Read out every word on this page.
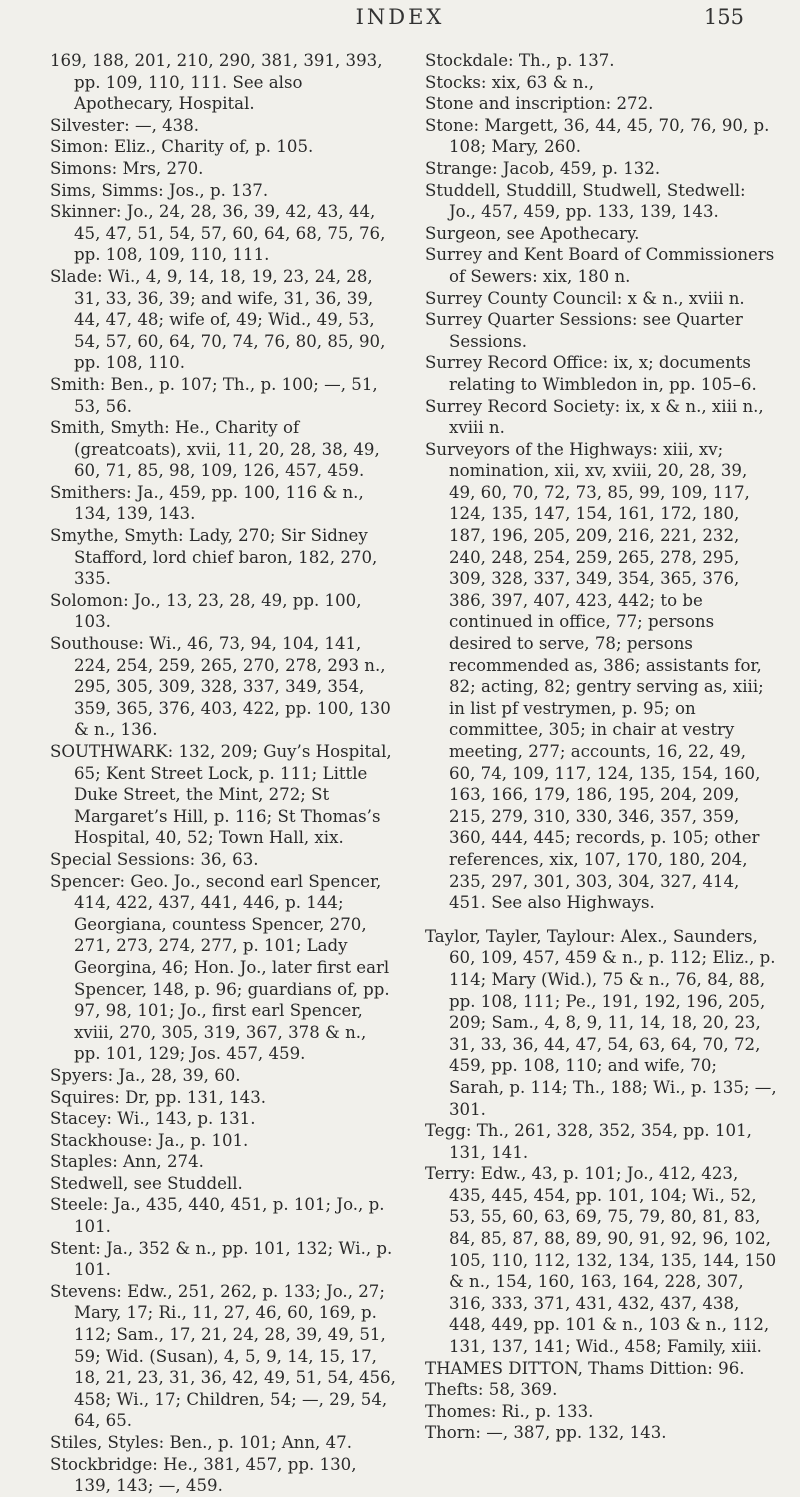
INDEX	155

169, 188, 201, 210, 290, 381, 391, 393, pp. 109, 110, 111. See also Apothecary, Hospital.

Silvester: —, 438.

Simon: Eliz., Charity of, p. 105.

Simons: Mrs, 270.

Sims, Simms: Jos., p. 137.

Skinner: Jo., 24, 28, 36, 39, 42, 43, 44, 45, 47, 51, 54, 57, 60, 64, 68, 75, 76, pp. 108, 109, 110, 111.

Slade: Wi., 4, 9, 14, 18, 19, 23, 24, 28, 31, 33, 36, 39; and wife, 31, 36, 39, 44, 47, 48; wife of, 49; Wid., 49, 53, 54, 57, 60, 64, 70, 74, 76, 80, 85, 90, pp. 108, 110.

Smith: Ben., p. 107; Th., p. 100; —, 51, 53, 56.

Smith, Smyth: He., Charity of (greatcoats), xvii, 11, 20, 28, 38, 49, 60, 71, 85, 98, 109, 126, 457, 459.

Smithers: Ja., 459, pp. 100, 116 & n., 134, 139, 143.

Smythe, Smyth: Lady, 270; Sir Sidney Stafford, lord chief baron, 182, 270, 335.

Solomon: Jo., 13, 23, 28, 49, pp. 100, 103.

Southouse: Wi., 46, 73, 94, 104, 141, 224, 254, 259, 265, 270, 278, 293 n., 295, 305, 309, 328, 337, 349, 354, 359, 365, 376, 403, 422, pp. 100, 130 & n., 136.

SOUTHWARK: 132, 209; Guy’s Hospital, 65; Kent Street Lock, p. 111; Little Duke Street, the Mint, 272; St Margaret’s Hill, p. 116; St Thomas’s Hospital, 40, 52; Town Hall, xix.

Special Sessions: 36, 63.

Spencer: Geo. Jo., second earl Spencer, 414, 422, 437, 441, 446, p. 144; Georgiana, countess Spencer, 270, 271, 273, 274, 277, p. 101; Lady Georgina, 46; Hon. Jo., later first earl Spencer, 148, p. 96; guardians of, pp. 97, 98, 101; Jo., first earl Spencer, xviii, 270, 305, 319, 367, 378 & n., pp. 101, 129; Jos. 457, 459.

Spyers: Ja., 28, 39, 60.

Squires: Dr, pp. 131, 143.

Stacey: Wi., 143, p. 131.

Stackhouse: Ja., p. 101.

Staples: Ann, 274.

Stedwell, see Studdell.

Steele: Ja., 435, 440, 451, p. 101; Jo., p. 101.

Stent: Ja., 352 & n., pp. 101, 132; Wi., p. 101.

Stevens: Edw., 251, 262, p. 133; Jo., 27; Mary, 17; Ri., 11, 27, 46, 60, 169, p. 112; Sam., 17, 21, 24, 28, 39, 49, 51, 59; Wid. (Susan), 4, 5, 9, 14, 15, 17, 18, 21, 23, 31, 36, 42, 49, 51, 54, 456, 458; Wi., 17; Children, 54; —, 29, 54, 64, 65.

Stiles, Styles: Ben., p. 101; Ann, 47.

Stockbridge: He., 381, 457, pp. 130, 139, 143; —, 459.

Stockdale: Th., p. 137.

Stocks: xix, 63 & n.,

Stone and inscription: 272.

Stone: Margett, 36, 44, 45, 70, 76, 90, p. 108; Mary, 260.

Strange: Jacob, 459, p. 132.

Studdell, Studdill, Studwell, Stedwell: Jo., 457, 459, pp. 133, 139, 143.

Surgeon, see Apothecary.

Surrey and Kent Board of Commissioners of Sewers: xix, 180 n.

Surrey County Council: x & n., xviii n.

Surrey Quarter Sessions: see Quarter Sessions.

Surrey Record Office: ix, x; documents relating to Wimbledon in, pp. 105–6.

Surrey Record Society: ix, x & n., xiii n., xviii n.

Surveyors of the Highways: xiii, xv; nomination, xii, xv, xviii, 20, 28, 39, 49, 60, 70, 72, 73, 85, 99, 109, 117, 124, 135, 147, 154, 161, 172, 180, 187, 196, 205, 209, 216, 221, 232, 240, 248, 254, 259, 265, 278, 295, 309, 328, 337, 349, 354, 365, 376, 386, 397, 407, 423, 442; to be continued in office, 77; persons desired to serve, 78; persons recommended as, 386; assistants for, 82; acting, 82; gentry serving as, xiii; in list pf vestrymen, p. 95; on committee, 305; in chair at vestry meeting, 277; accounts, 16, 22, 49, 60, 74, 109, 117, 124, 135, 154, 160, 163, 166, 179, 186, 195, 204, 209, 215, 279, 310, 330, 346, 357, 359, 360, 444, 445; records, p. 105; other references, xix, 107, 170, 180, 204, 235, 297, 301, 303, 304, 327, 414, 451. See also Highways.

Taylor, Tayler, Taylour: Alex., Saunders, 60, 109, 457, 459 & n., p. 112; Eliz., p. 114; Mary (Wid.), 75 & n., 76, 84, 88, pp. 108, 111; Pe., 191, 192, 196, 205, 209; Sam., 4, 8, 9, 11, 14, 18, 20, 23, 31, 33, 36, 44, 47, 54, 63, 64, 70, 72, 459, pp. 108, 110; and wife, 70; Sarah, p. 114; Th., 188; Wi., p. 135; —, 301.

Tegg: Th., 261, 328, 352, 354, pp. 101, 131, 141.

Terry: Edw., 43, p. 101; Jo., 412, 423, 435, 445, 454, pp. 101, 104; Wi., 52, 53, 55, 60, 63, 69, 75, 79, 80, 81, 83, 84, 85, 87, 88, 89, 90, 91, 92, 96, 102, 105, 110, 112, 132, 134, 135, 144, 150 & n., 154, 160, 163, 164, 228, 307, 316, 333, 371, 431, 432, 437, 438, 448, 449, pp. 101 & n., 103 & n., 112, 131, 137, 141; Wid., 458; Family, xiii.

THAMES DITTON, Thams Dittion: 96.

Thefts: 58, 369.

Thomes: Ri., p. 133.

Thorn: —, 387, pp. 132, 143.
